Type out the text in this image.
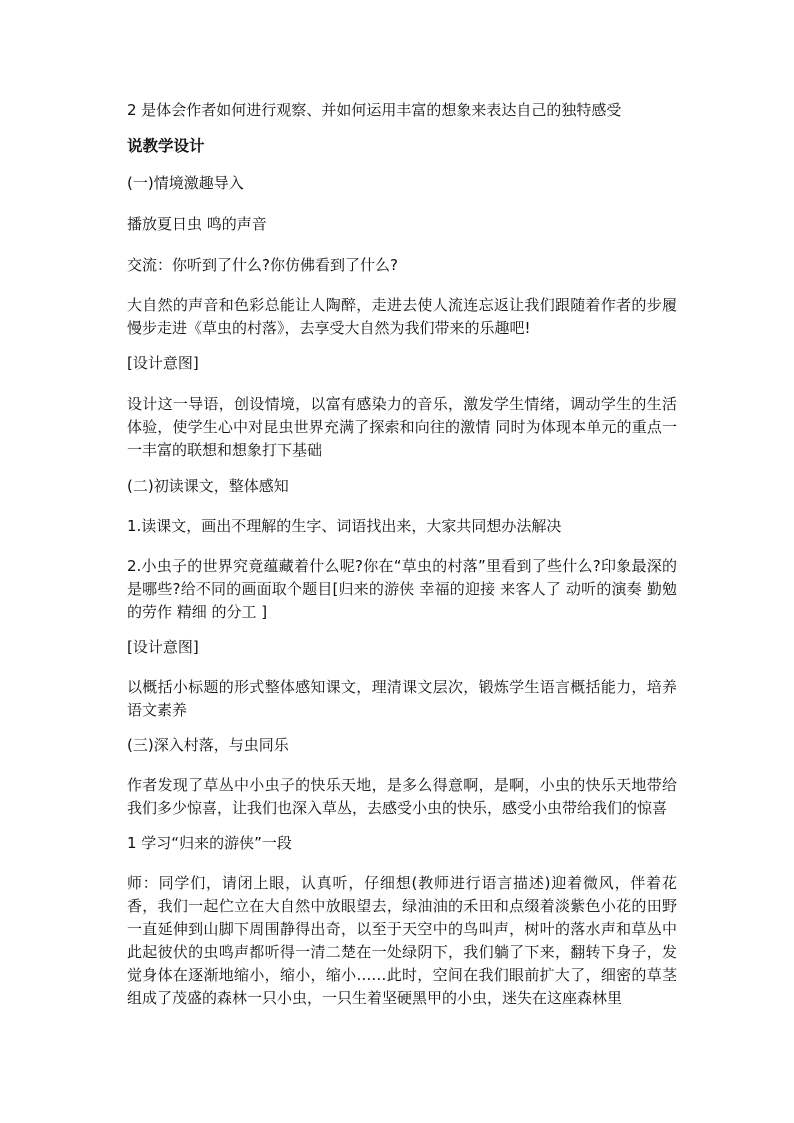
2 是体会作者如何进行观察、并如何运用丰富的想象来表达自己的独特感受

说教学设计

(一)情境激趣导入

播放夏日虫 鸣的声音

交流：你听到了什么?你仿佛看到了什么?

大自然的声音和色彩总能让人陶醉，走进去使人流连忘返让我们跟随着作者的步履慢步走进《草虫的村落》，去享受大自然为我们带来的乐趣吧!

[设计意图]

设计这一导语，创设情境，以富有感染力的音乐，激发学生情绪，调动学生的生活体验，使学生心中对昆虫世界充满了探索和向往的激情 同时为体现本单元的重点一一丰富的联想和想象打下基础

(二)初读课文，整体感知

1.读课文，画出不理解的生字、词语找出来，大家共同想办法解决

2.小虫子的世界究竟蕴藏着什么呢?你在“草虫的村落”里看到了些什么?印象最深的是哪些?给不同的画面取个题目[归来的游侠 幸福的迎接 来客人了 动听的演奏 勤勉的劳作 精细 的分工 ]

[设计意图]

以概括小标题的形式整体感知课文，理清课文层次，锻炼学生语言概括能力，培养语文素养

(三)深入村落，与虫同乐

作者发现了草丛中小虫子的快乐天地，是多么得意啊，是啊，小虫的快乐天地带给我们多少惊喜，让我们也深入草丛，去感受小虫的快乐，感受小虫带给我们的惊喜

1 学习“归来的游侠”一段

师：同学们，请闭上眼，认真听，仔细想(教师进行语言描述)迎着微风，伴着花香，我们一起伫立在大自然中放眼望去，绿油油的禾田和点缀着淡紫色小花的田野一直延伸到山脚下周围静得出奇，以至于天空中的鸟叫声，树叶的落水声和草丛中此起彼伏的虫鸣声都听得一清二楚在一处绿阴下，我们躺了下来，翻转下身子，发觉身体在逐渐地缩小，缩小，缩小……此时，空间在我们眼前扩大了，细密的草茎组成了茂盛的森林一只小虫，一只生着坚硬黑甲的小虫，迷失在这座森林里
